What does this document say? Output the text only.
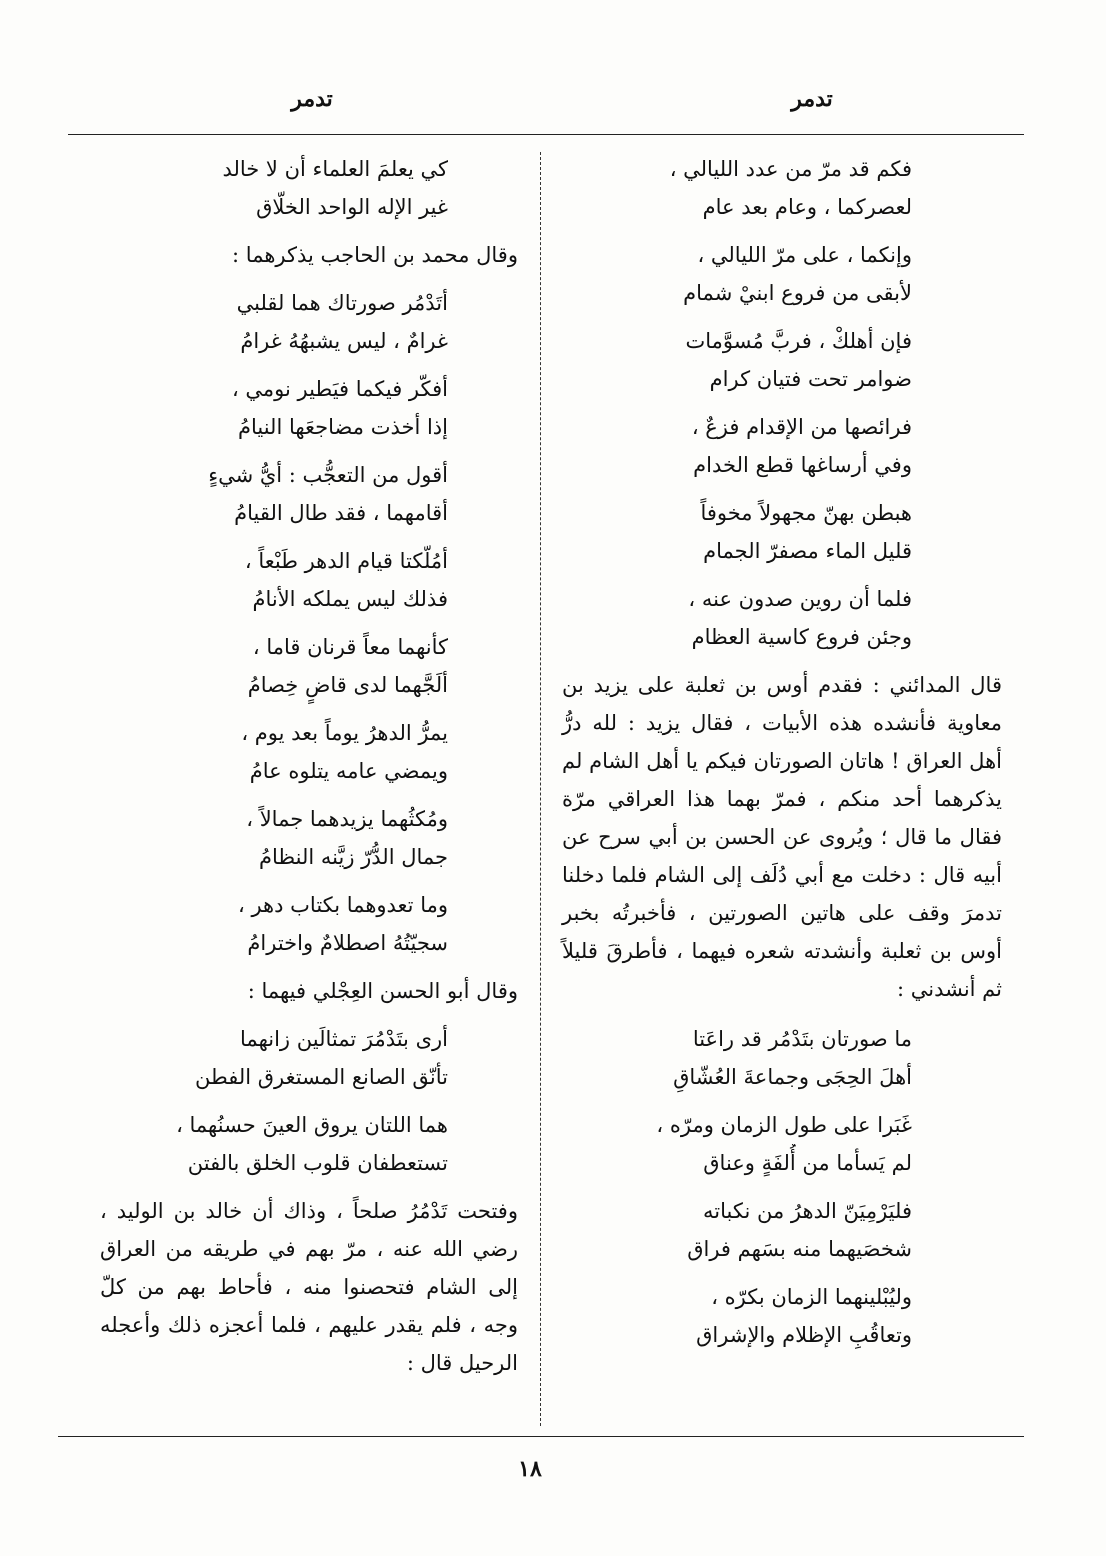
تدمر
تدمر
فكم قد مرّ من عدد الليالي ،
لعصركما ، وعام بعد عام
وإنكما ، على مرّ الليالي ،
لأبقى من فروع ابنيْ شمام
فإن أهلكْ ، فربَّ مُسوَّمات
ضوامر تحت فتيان كرام
فرائصها من الإقدام فزعٌ ،
وفي أرساغها قطع الخدام
هبطن بهنّ مجهولاً مخوفاً
قليل الماء مصفرّ الجمام
فلما أن روين صدون عنه ،
وجئن فروع كاسية العظام
قال المدائني : فقدم أوس بن ثعلبة على يزيد بن معاوية فأنشده هذه الأبيات ، فقال يزيد : لله درُّ أهل العراق ! هاتان الصورتان فيكم يا أهل الشام لم يذكرهما أحد منكم ، فمرّ بهما هذا العراقي مرّة فقال ما قال ؛ ويُروى عن الحسن بن أبي سرح عن أبيه قال : دخلت مع أبي دُلَف إلى الشام فلما دخلنا تدمرَ وقف على هاتين الصورتين ، فأخبرتُه بخبر أوس بن ثعلبة وأنشدته شعره فيهما ، فأطرقَ قليلاً ثم أنشدني :
ما صورتان بتَدْمُر قد راعَتا
أهلَ الحِجَى وجماعةَ العُشّاقِ
غَبَرا على طول الزمان ومرّه ،
لم يَسأما من أُلفَةٍ وعناق
فليَرْمِيَنّ الدهرُ من نكباته
شخصَيهما منه بسَهم فراق
وليُبْلينهما الزمان بكرّه ،
وتعاقُبِ الإظلام والإشراق
كي يعلمَ العلماء أن لا خالد
غير الإله الواحد الخلّاق
وقال محمد بن الحاجب يذكرهما :
أتَدْمُر صورتاك هما لقلبي
غرامٌ ، ليس يشبهُهُ غرامُ
أفكّر فيكما فيَطير نومي ،
إذا أخذت مضاجعَها النيامُ
أقول من التعجُّب : أيُّ شيءٍ
أقامهما ، فقد طال القيامُ
أمُلّكتا قيام الدهر طَبْعاً ،
فذلك ليس يملكه الأنامُ
كأنهما معاً قرنان قاما ،
ألَجَّهما لدى قاضٍ خِصامُ
يمرُّ الدهرُ يوماً بعد يوم ،
ويمضي عامه يتلوه عامُ
ومُكثُهما يزيدهما جمالاً ،
جمال الدُّرّ زيَّنه النظامُ
وما تعدوهما بكتاب دهر ،
سجيّتُهُ اصطلامٌ واخترامُ
وقال أبو الحسن العِجْلي فيهما :
أرى بتَدْمُرَ تمثالَين زانهما
تأنّق الصانع المستغرق الفطن
هما اللتان يروق العينَ حسنُهما ،
تستعطفان قلوب الخلق بالفتن
وفتحت تَدْمُرُ صلحاً ، وذاك أن خالد بن الوليد ، رضي الله عنه ، مرّ بهم في طريقه من العراق إلى الشام فتحصنوا منه ، فأحاط بهم من كلّ وجه ، فلم يقدر عليهم ، فلما أعجزه ذلك وأعجله الرحيل قال :
١٨
